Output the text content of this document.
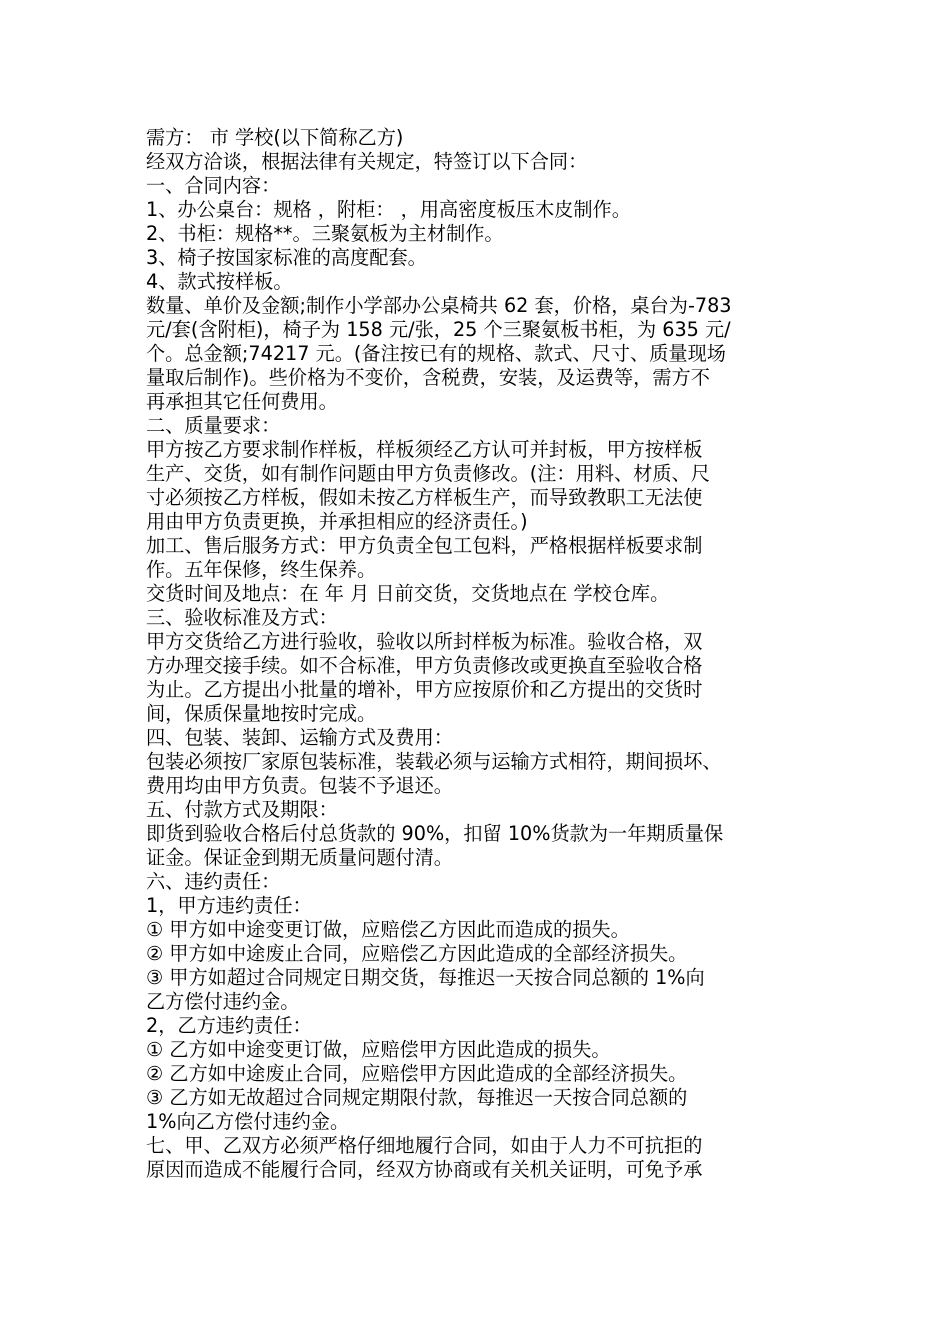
需方： 市 学校(以下简称乙方)
经双方洽谈，根据法律有关规定，特签订以下合同：
一、合同内容：
1、办公桌台：规格 ，附柜： ，用高密度板压木皮制作。
2、书柜：规格**。三聚氨板为主材制作。
3、椅子按国家标准的高度配套。
4、款式按样板。
数量、单价及金额;制作小学部办公桌椅共 62 套，价格，桌台为-783
元/套(含附柜)，椅子为 158 元/张，25 个三聚氨板书柜，为 635 元/
个。总金额;74217 元。(备注按已有的规格、款式、尺寸、质量现场
量取后制作)。些价格为不变价，含税费，安装，及运费等，需方不
再承担其它任何费用。
二、质量要求：
甲方按乙方要求制作样板，样板须经乙方认可并封板，甲方按样板
生产、交货，如有制作问题由甲方负责修改。(注：用料、材质、尺
寸必须按乙方样板，假如未按乙方样板生产，而导致教职工无法使
用由甲方负责更换，并承担相应的经济责任。)
加工、售后服务方式：甲方负责全包工包料，严格根据样板要求制
作。五年保修，终生保养。
交货时间及地点：在 年 月 日前交货，交货地点在 学校仓库。
三、验收标准及方式：
甲方交货给乙方进行验收，验收以所封样板为标准。验收合格，双
方办理交接手续。如不合标准，甲方负责修改或更换直至验收合格
为止。乙方提出小批量的增补，甲方应按原价和乙方提出的交货时
间，保质保量地按时完成。
四、包装、装卸、运输方式及费用：
包装必须按厂家原包装标准，装载必须与运输方式相符，期间损坏、
费用均由甲方负责。包装不予退还。
五、付款方式及期限：
即货到验收合格后付总货款的 90%，扣留 10%货款为一年期质量保
证金。保证金到期无质量问题付清。
六、违约责任：
1，甲方违约责任：
① 甲方如中途变更订做，应赔偿乙方因此而造成的损失。
② 甲方如中途废止合同，应赔偿乙方因此造成的全部经济损失。
③ 甲方如超过合同规定日期交货，每推迟一天按合同总额的 1%向
乙方偿付违约金。
2，乙方违约责任：
① 乙方如中途变更订做，应赔偿甲方因此造成的损失。
② 乙方如中途废止合同，应赔偿甲方因此造成的全部经济损失。
③ 乙方如无故超过合同规定期限付款，每推迟一天按合同总额的
1%向乙方偿付违约金。
七、甲、乙双方必须严格仔细地履行合同，如由于人力不可抗拒的
原因而造成不能履行合同，经双方协商或有关机关证明，可免予承
